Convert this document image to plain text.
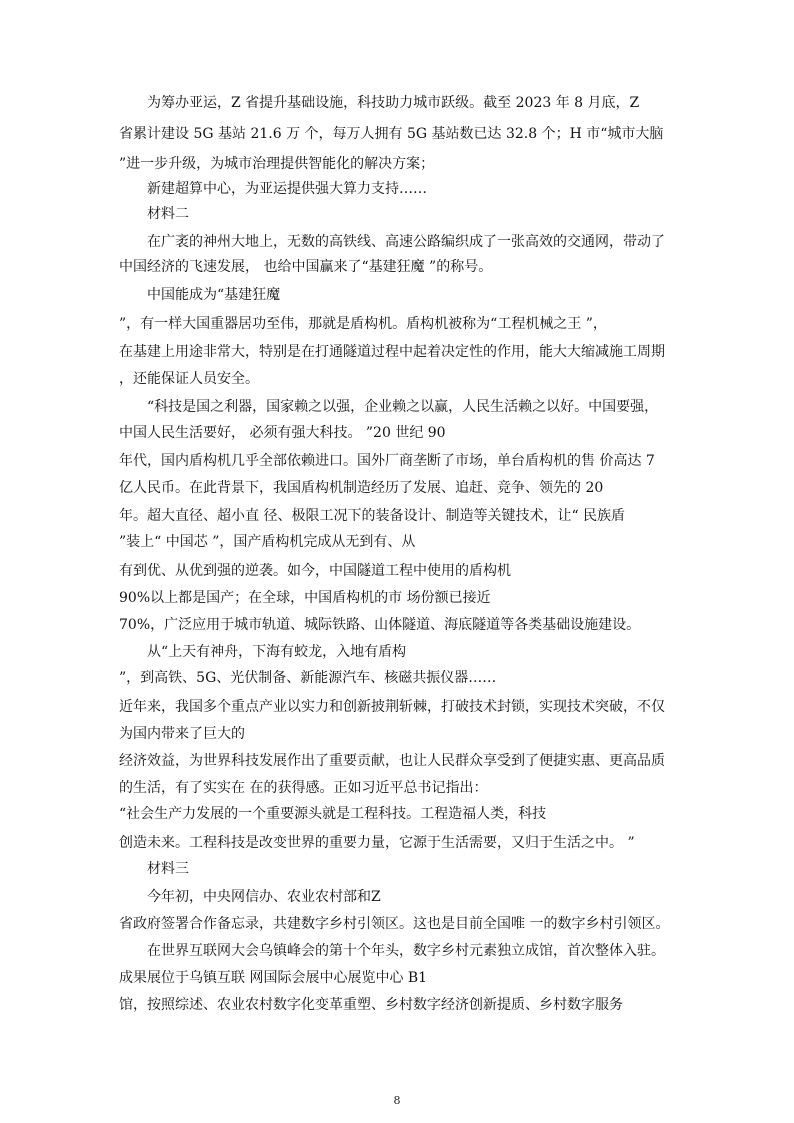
为筹办亚运，Z 省提升基础设施，科技助力城市跃级。截至 2023 年 8 月底，Z
省累计建设 5G 基站 21.6 万 个，每万人拥有 5G 基站数已达 32.8 个；H 市“城市大脑
”进一步升级，为城市治理提供智能化的解决方案；
新建超算中心，为亚运提供强大算力支持……
材料二
在广袤的神州大地上，无数的高铁线、高速公路编织成了一张高效的交通网，带动了
中国经济的飞速发展， 也给中国赢来了“基建狂魔 ”的称号。
中国能成为“基建狂魔
”，有一样大国重器居功至伟，那就是盾构机。盾构机被称为“工程机械之王 ”，
在基建上用途非常大，特别是在打通隧道过程中起着决定性的作用，能大大缩减施工周期
，还能保证人员安全。
“科技是国之利器，国家赖之以强，企业赖之以赢，人民生活赖之以好。中国要强，
中国人民生活要好， 必须有强大科技。 ”20 世纪 90
年代，国内盾构机几乎全部依赖进口。国外厂商垄断了市场，单台盾构机的售 价高达 7
亿人民币。在此背景下，我国盾构机制造经历了发展、追赶、竞争、领先的 20
年。超大直径、超小直 径、极限工况下的装备设计、制造等关键技术，让“ 民族盾
”装上“ 中国芯 ”，国产盾构机完成从无到有、从
有到优、从优到强的逆袭。如今，中国隧道工程中使用的盾构机
90%以上都是国产；在全球，中国盾构机的市 场份额已接近
70%，广泛应用于城市轨道、城际铁路、山体隧道、海底隧道等各类基础设施建设。
从“上天有神舟，下海有蛟龙，入地有盾构
”，到高铁、5G、光伏制备、新能源汽车、核磁共振仪器……
近年来，我国多个重点产业以实力和创新披荆斩棘，打破技术封锁，实现技术突破，不仅
为国内带来了巨大的
经济效益，为世界科技发展作出了重要贡献，也让人民群众享受到了便捷实惠、更高品质
的生活，有了实实在 在的获得感。正如习近平总书记指出：
“社会生产力发展的一个重要源头就是工程科技。工程造福人类，科技
创造未来。工程科技是改变世界的重要力量，它源于生活需要，又归于生活之中。 ”
材料三
今年初，中央网信办、农业农村部和Z
省政府签署合作备忘录，共建数字乡村引领区。这也是目前全国唯 一的数字乡村引领区。
在世界互联网大会乌镇峰会的第十个年头，数字乡村元素独立成馆，首次整体入驻。
成果展位于乌镇互联 网国际会展中心展览中心 B1
馆，按照综述、农业农村数字化变革重塑、乡村数字经济创新提质、乡村数字服务
8
